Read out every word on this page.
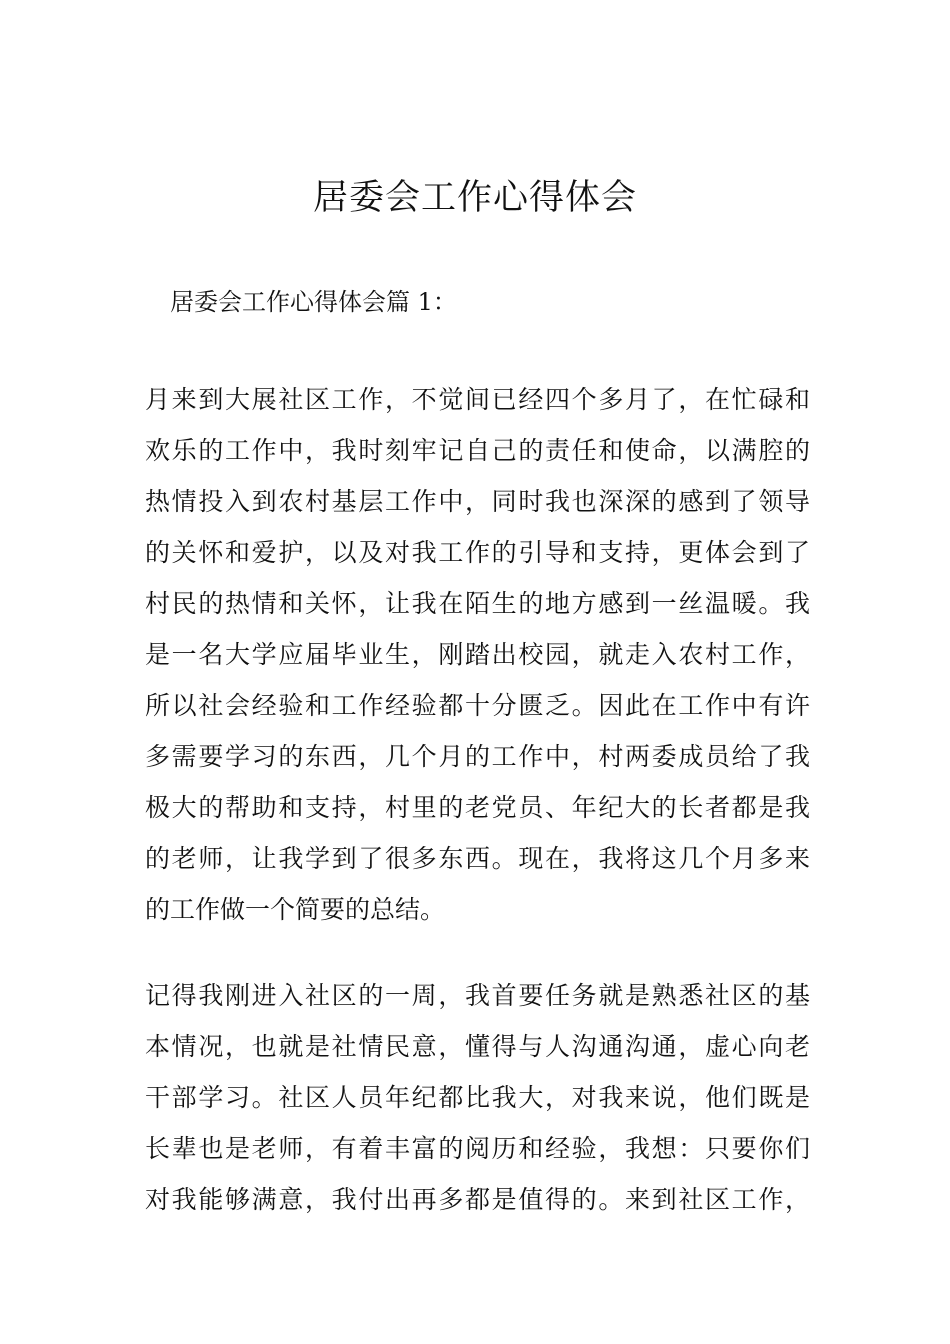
居委会工作心得体会

居委会工作心得体会篇 1：

月来到大展社区工作，不觉间已经四个多月了，在忙碌和
欢乐的工作中，我时刻牢记自己的责任和使命，以满腔的
热情投入到农村基层工作中，同时我也深深的感到了领导
的关怀和爱护，以及对我工作的引导和支持，更体会到了
村民的热情和关怀，让我在陌生的地方感到一丝温暖。我
是一名大学应届毕业生，刚踏出校园，就走入农村工作，
所以社会经验和工作经验都十分匮乏。因此在工作中有许
多需要学习的东西，几个月的工作中，村两委成员给了我
极大的帮助和支持，村里的老党员、年纪大的长者都是我
的老师，让我学到了很多东西。现在，我将这几个月多来
的工作做一个简要的总结。
记得我刚进入社区的一周，我首要任务就是熟悉社区的基
本情况，也就是社情民意，懂得与人沟通沟通，虚心向老
干部学习。社区人员年纪都比我大，对我来说，他们既是
长辈也是老师，有着丰富的阅历和经验，我想：只要你们
对我能够满意，我付出再多都是值得的。来到社区工作，
